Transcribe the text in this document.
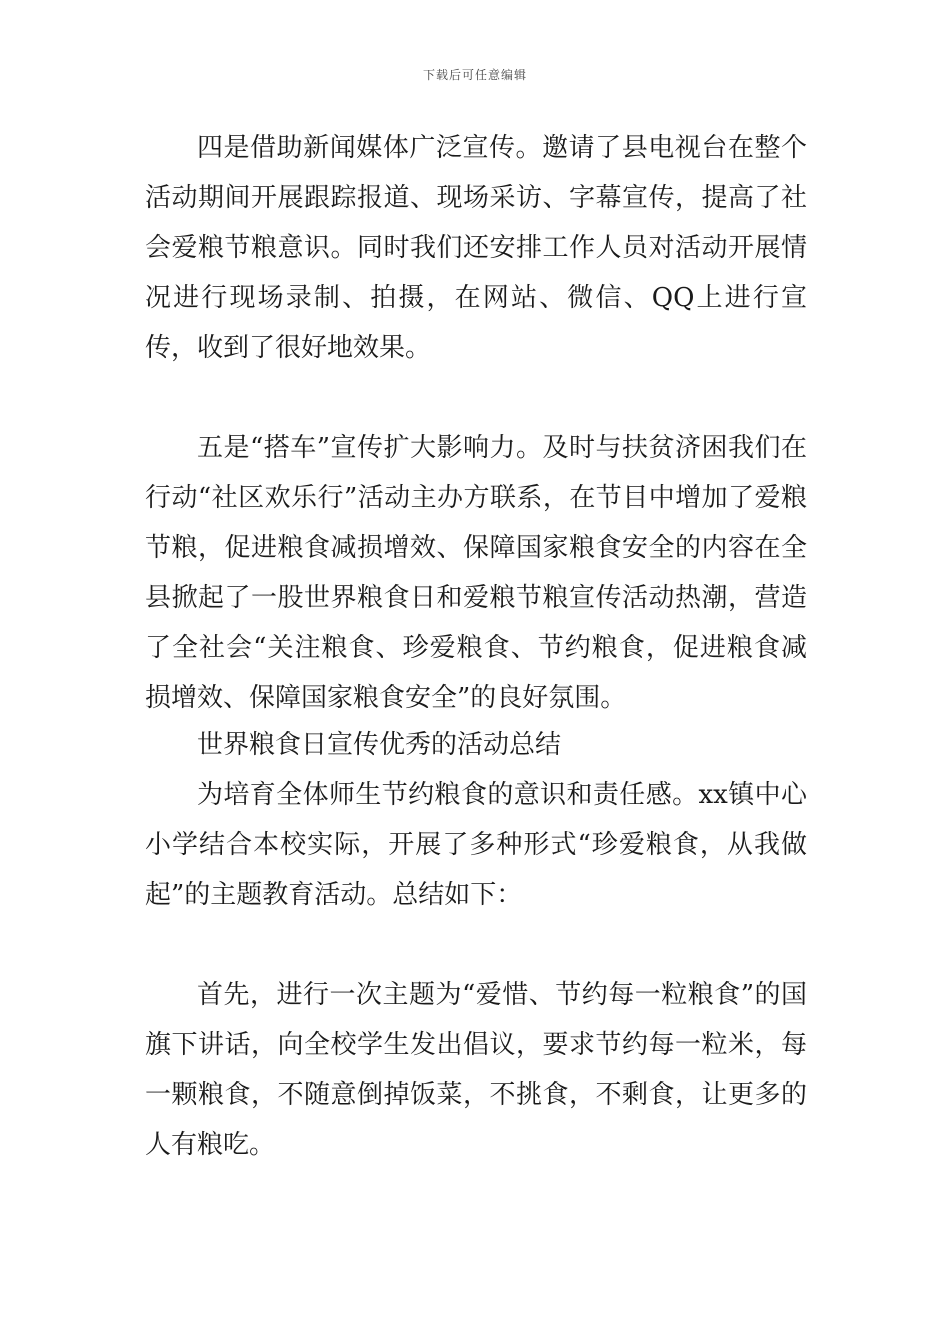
下载后可任意编辑

四是借助新闻媒体广泛宣传。邀请了县电视台在整个活动期间开展跟踪报道、现场采访、字幕宣传，提高了社会爱粮节粮意识。同时我们还安排工作人员对活动开展情况进行现场录制、拍摄，在网站、微信、QQ上进行宣传，收到了很好地效果。

五是“搭车”宣传扩大影响力。及时与扶贫济困我们在行动“社区欢乐行”活动主办方联系，在节目中增加了爱粮节粮，促进粮食减损增效、保障国家粮食安全的内容在全县掀起了一股世界粮食日和爱粮节粮宣传活动热潮，营造了全社会“关注粮食、珍爱粮食、节约粮食，促进粮食减损增效、保障国家粮食安全”的良好氛围。

世界粮食日宣传优秀的活动总结

为培育全体师生节约粮食的意识和责任感。xx镇中心小学结合本校实际，开展了多种形式“珍爱粮食，从我做起”的主题教育活动。总结如下：

首先，进行一次主题为“爱惜、节约每一粒粮食”的国旗下讲话，向全校学生发出倡议，要求节约每一粒米，每一颗粮食，不随意倒掉饭菜，不挑食，不剩食，让更多的人有粮吃。
